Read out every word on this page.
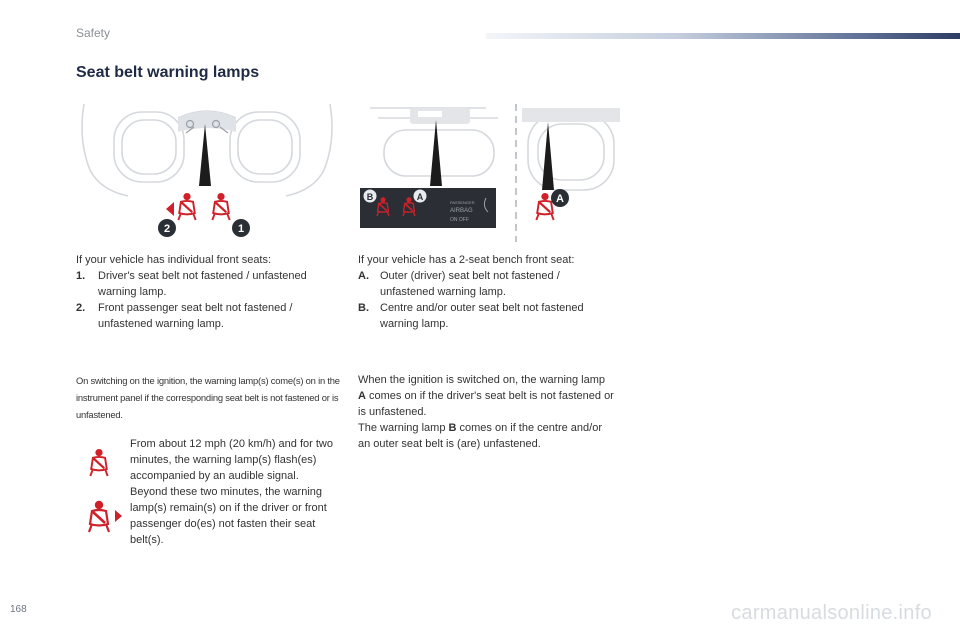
Safety
Seat belt warning lamps
2	1
B	A
PASSENGER
AIRBAG
ON OFF
A

If your vehicle has individual front seats:

1. Driver's seat belt not fastened / unfastened warning lamp.
2. Front passenger seat belt not fastened / unfastened warning lamp.

If your vehicle has a 2-seat bench front seat:

A. Outer (driver) seat belt not fastened / unfastened warning lamp.
B. Centre and/or outer seat belt not fastened warning lamp.
On switching on the ignition, the warning lamp(s) come(s) on in the instrument panel if the corresponding seat belt is not fastened or is unfastened.
From about 12 mph (20 km/h) and for two minutes, the warning lamp(s) flash(es) accompanied by an audible signal. Beyond these two minutes, the warning lamp(s) remain(s) on if the driver or front passenger do(es) not fasten their seat belt(s).

When the ignition is switched on, the warning lamp A comes on if the driver's seat belt is not fastened or is unfastened.

The warning lamp B comes on if the centre and/or an outer seat belt is (are) unfastened.

168	carmanualsonline.info
